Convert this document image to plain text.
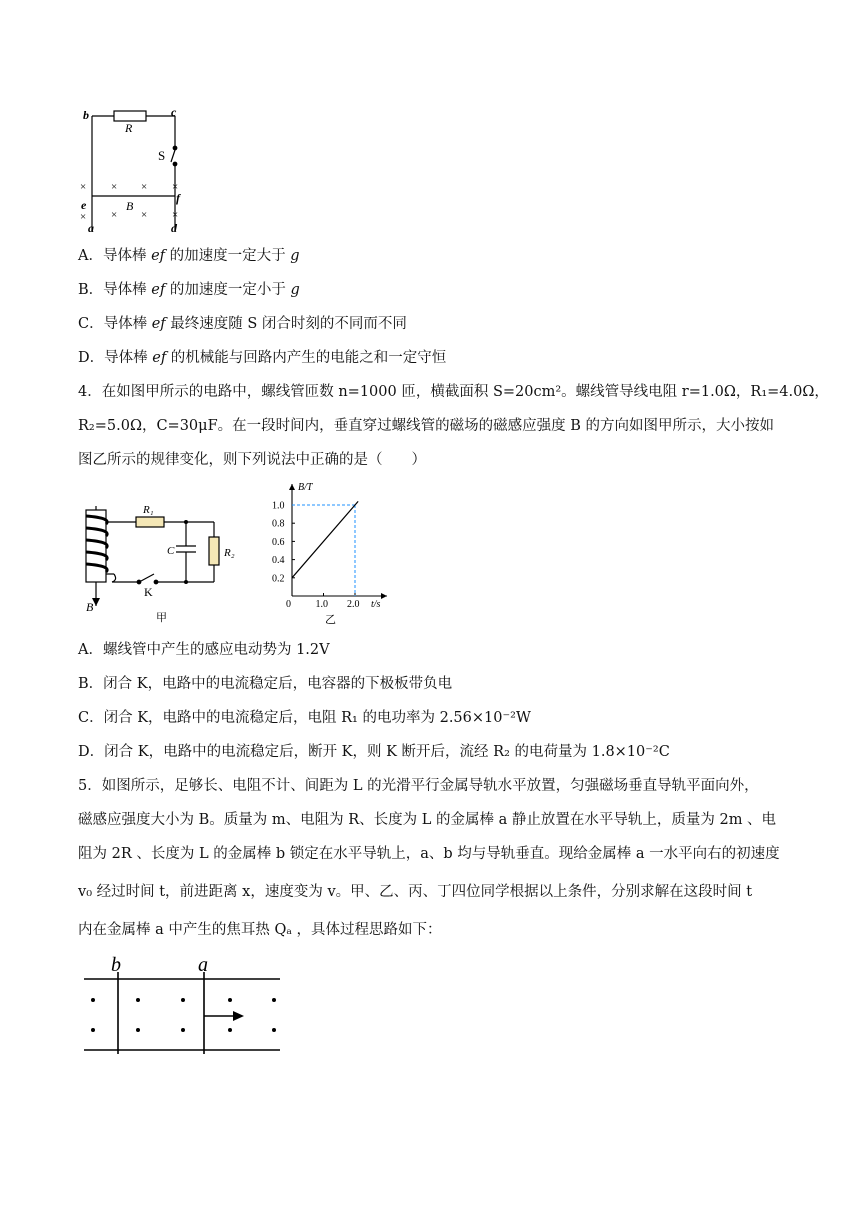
b	c
R
S
e	f
a	d
B
× × × ×
× × × ×
A．导体棒 ef 的加速度一定大于 g
B．导体棒 ef 的加速度一定小于 g
C．导体棒 ef 最终速度随 S 闭合时刻的不同而不同
D．导体棒 ef 的机械能与回路内产生的电能之和一定守恒
4．在如图甲所示的电路中，螺线管匝数 n=1000 匝，横截面积 S=20cm²。螺线管导线电阻 r=1.0Ω，R₁=4.0Ω，
R₂=5.0Ω，C=30μF。在一段时间内，垂直穿过螺线管的磁场的磁感应强度 B 的方向如图甲所示，大小按如
图乙所示的规律变化，则下列说法中正确的是（　　）
R₁
R₂
C
K
B
甲
0.2
0.4
0.6
0.8
1.0
1.0 2.0
B/T
t/s
0
乙
A．螺线管中产生的感应电动势为 1.2V
B．闭合 K，电路中的电流稳定后，电容器的下极板带负电
C．闭合 K，电路中的电流稳定后，电阻 R₁ 的电功率为 2.56×10⁻²W
D．闭合 K，电路中的电流稳定后，断开 K，则 K 断开后，流经 R₂ 的电荷量为 1.8×10⁻²C
5．如图所示，足够长、电阻不计、间距为 L 的光滑平行金属导轨水平放置，匀强磁场垂直导轨平面向外，
磁感应强度大小为 B。质量为 m、电阻为 R、长度为 L 的金属棒 a 静止放置在水平导轨上，质量为 2m 、电
阻为 2R 、长度为 L 的金属棒 b 锁定在水平导轨上，a、b 均与导轨垂直。现给金属棒 a 一水平向右的初速度
v₀ 经过时间 t，前进距离 x，速度变为 v。甲、乙、丙、丁四位同学根据以上条件，分别求解在这段时间 t
内在金属棒 a 中产生的焦耳热 Qₐ ，具体过程思路如下：
b	a
